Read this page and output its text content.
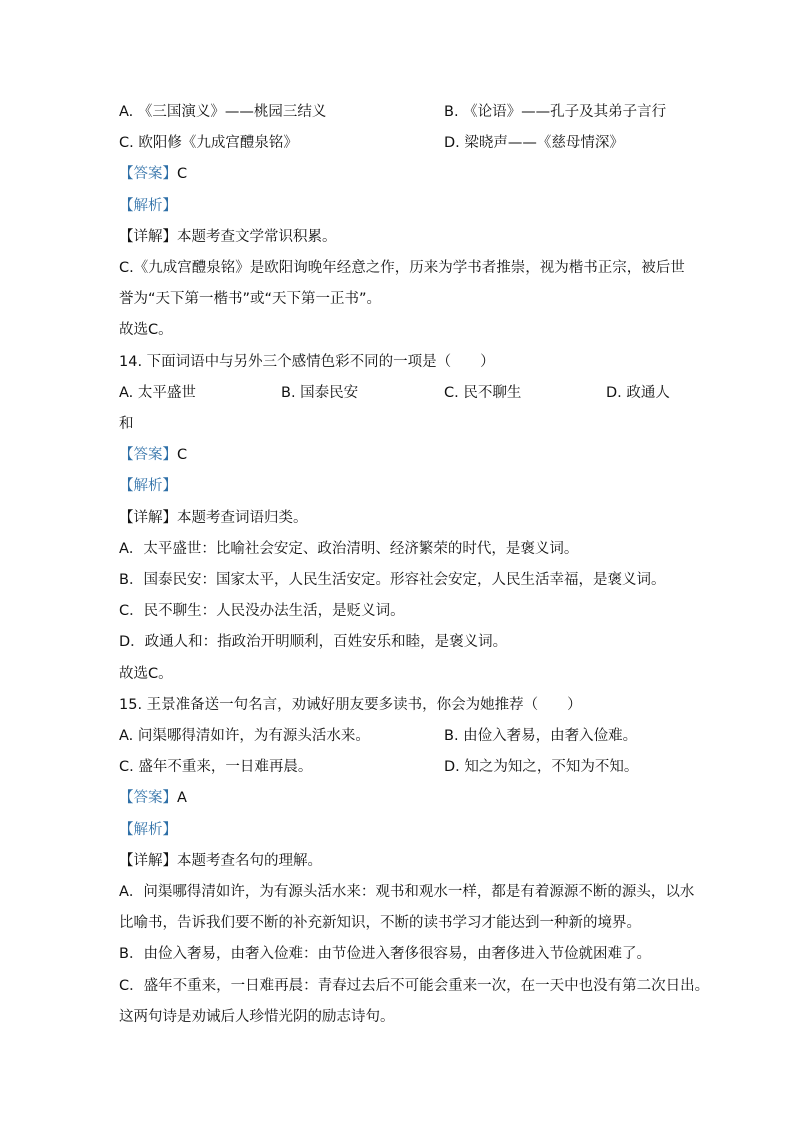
A. 《三国演义》——桃园三结义	B. 《论语》——孔子及其弟子言行
C. 欧阳修《九成宫醴泉铭》	D. 梁晓声——《慈母情深》
【答案】C
【解析】
【详解】本题考查文学常识积累。
C.《九成宫醴泉铭》是欧阳询晚年经意之作，历来为学书者推崇，视为楷书正宗，被后世
誉为“天下第一楷书”或“天下第一正书”。
故选C。
14. 下面词语中与另外三个感情色彩不同的一项是（　　）
A. 太平盛世	B. 国泰民安	C. 民不聊生	D. 政通人
和
【答案】C
【解析】
【详解】本题考查词语归类。
A．太平盛世：比喻社会安定、政治清明、经济繁荣的时代，是褒义词。
B．国泰民安：国家太平，人民生活安定。形容社会安定，人民生活幸福，是褒义词。
C．民不聊生：人民没办法生活，是贬义词。
D．政通人和：指政治开明顺利，百姓安乐和睦，是褒义词。
故选C。
15. 王景准备送一句名言，劝诫好朋友要多读书，你会为她推荐（　　）
A. 问渠哪得清如许，为有源头活水来。	B. 由俭入奢易，由奢入俭难。
C. 盛年不重来，一日难再晨。	D. 知之为知之，不知为不知。
【答案】A
【解析】
【详解】本题考查名句的理解。
A．问渠哪得清如许，为有源头活水来：观书和观水一样，都是有着源源不断的源头，以水
比喻书，告诉我们要不断的补充新知识，不断的读书学习才能达到一种新的境界。
B．由俭入奢易，由奢入俭难：由节俭进入奢侈很容易，由奢侈进入节俭就困难了。
C．盛年不重来，一日难再晨：青春过去后不可能会重来一次，在一天中也没有第二次日出。
这两句诗是劝诫后人珍惜光阴的励志诗句。
